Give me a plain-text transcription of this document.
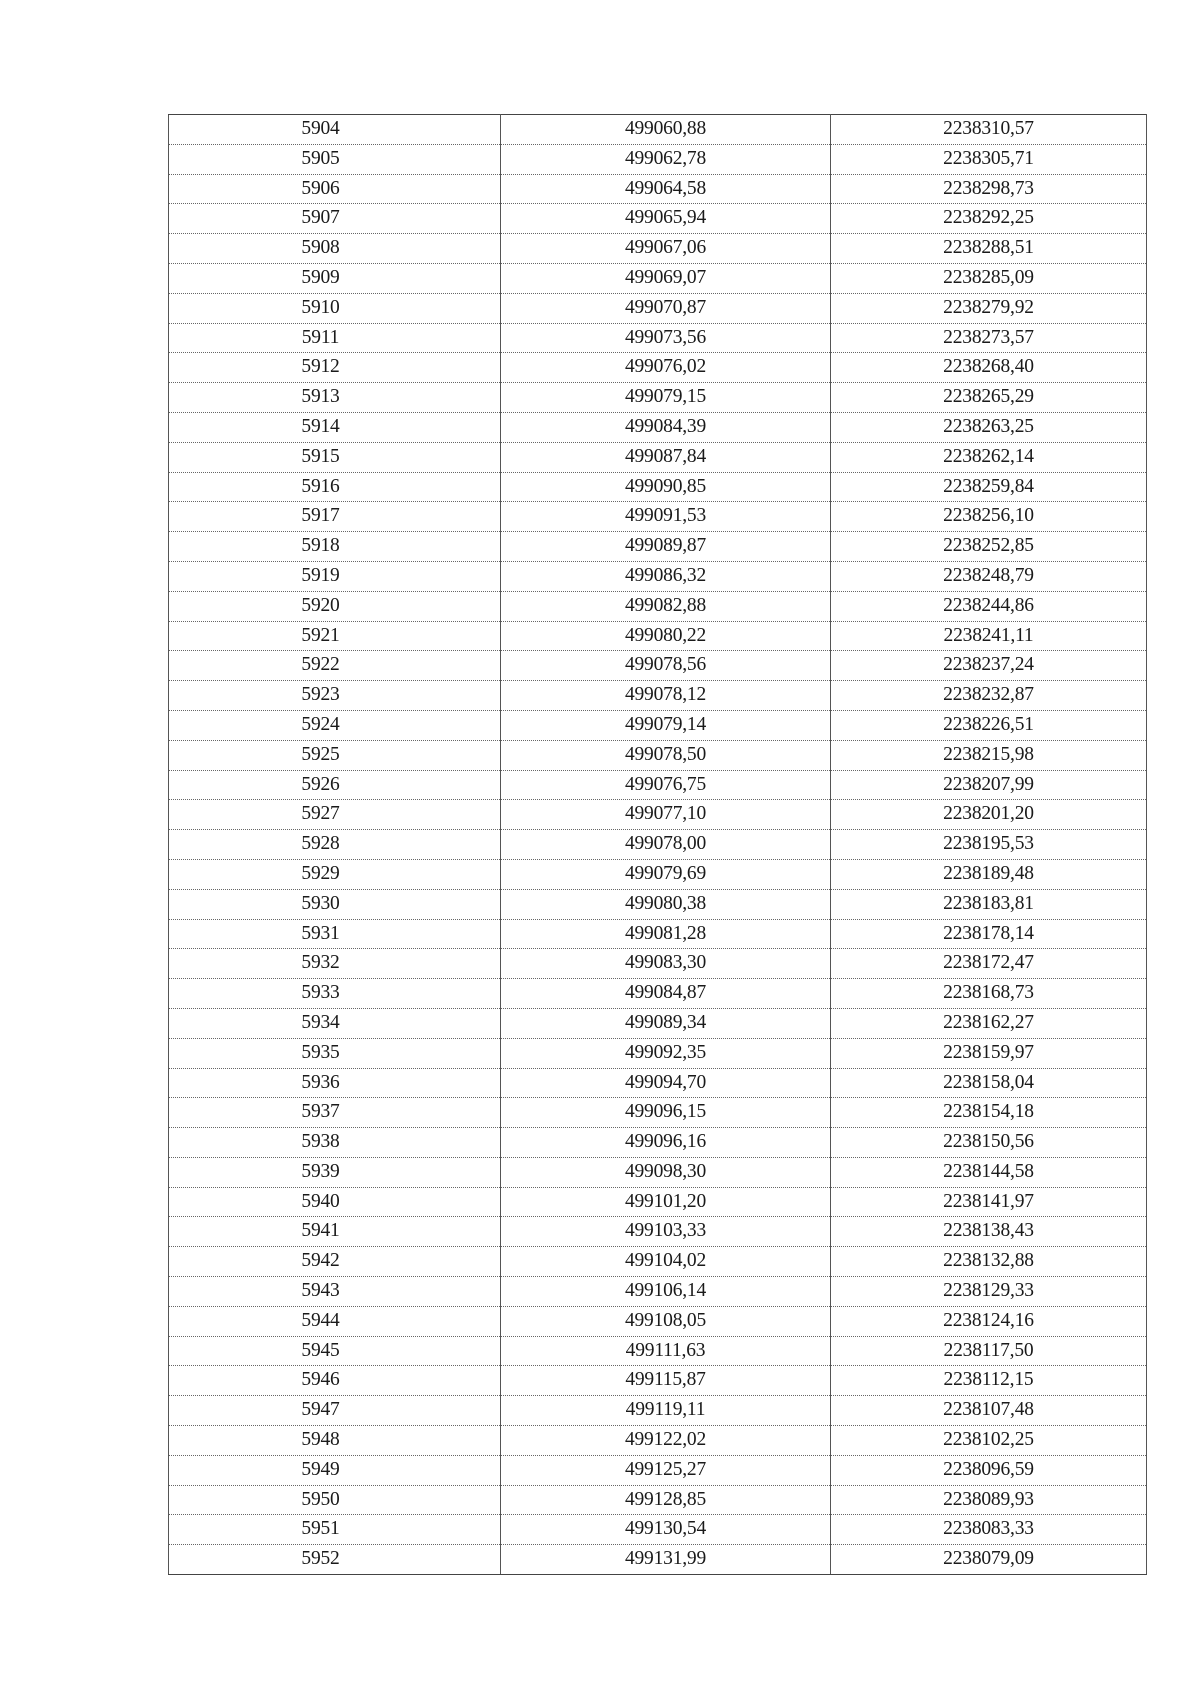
5904	499060,88	2238310,57
5905	499062,78	2238305,71
5906	499064,58	2238298,73
5907	499065,94	2238292,25
5908	499067,06	2238288,51
5909	499069,07	2238285,09
5910	499070,87	2238279,92
5911	499073,56	2238273,57
5912	499076,02	2238268,40
5913	499079,15	2238265,29
5914	499084,39	2238263,25
5915	499087,84	2238262,14
5916	499090,85	2238259,84
5917	499091,53	2238256,10
5918	499089,87	2238252,85
5919	499086,32	2238248,79
5920	499082,88	2238244,86
5921	499080,22	2238241,11
5922	499078,56	2238237,24
5923	499078,12	2238232,87
5924	499079,14	2238226,51
5925	499078,50	2238215,98
5926	499076,75	2238207,99
5927	499077,10	2238201,20
5928	499078,00	2238195,53
5929	499079,69	2238189,48
5930	499080,38	2238183,81
5931	499081,28	2238178,14
5932	499083,30	2238172,47
5933	499084,87	2238168,73
5934	499089,34	2238162,27
5935	499092,35	2238159,97
5936	499094,70	2238158,04
5937	499096,15	2238154,18
5938	499096,16	2238150,56
5939	499098,30	2238144,58
5940	499101,20	2238141,97
5941	499103,33	2238138,43
5942	499104,02	2238132,88
5943	499106,14	2238129,33
5944	499108,05	2238124,16
5945	499111,63	2238117,50
5946	499115,87	2238112,15
5947	499119,11	2238107,48
5948	499122,02	2238102,25
5949	499125,27	2238096,59
5950	499128,85	2238089,93
5951	499130,54	2238083,33
5952	499131,99	2238079,09
